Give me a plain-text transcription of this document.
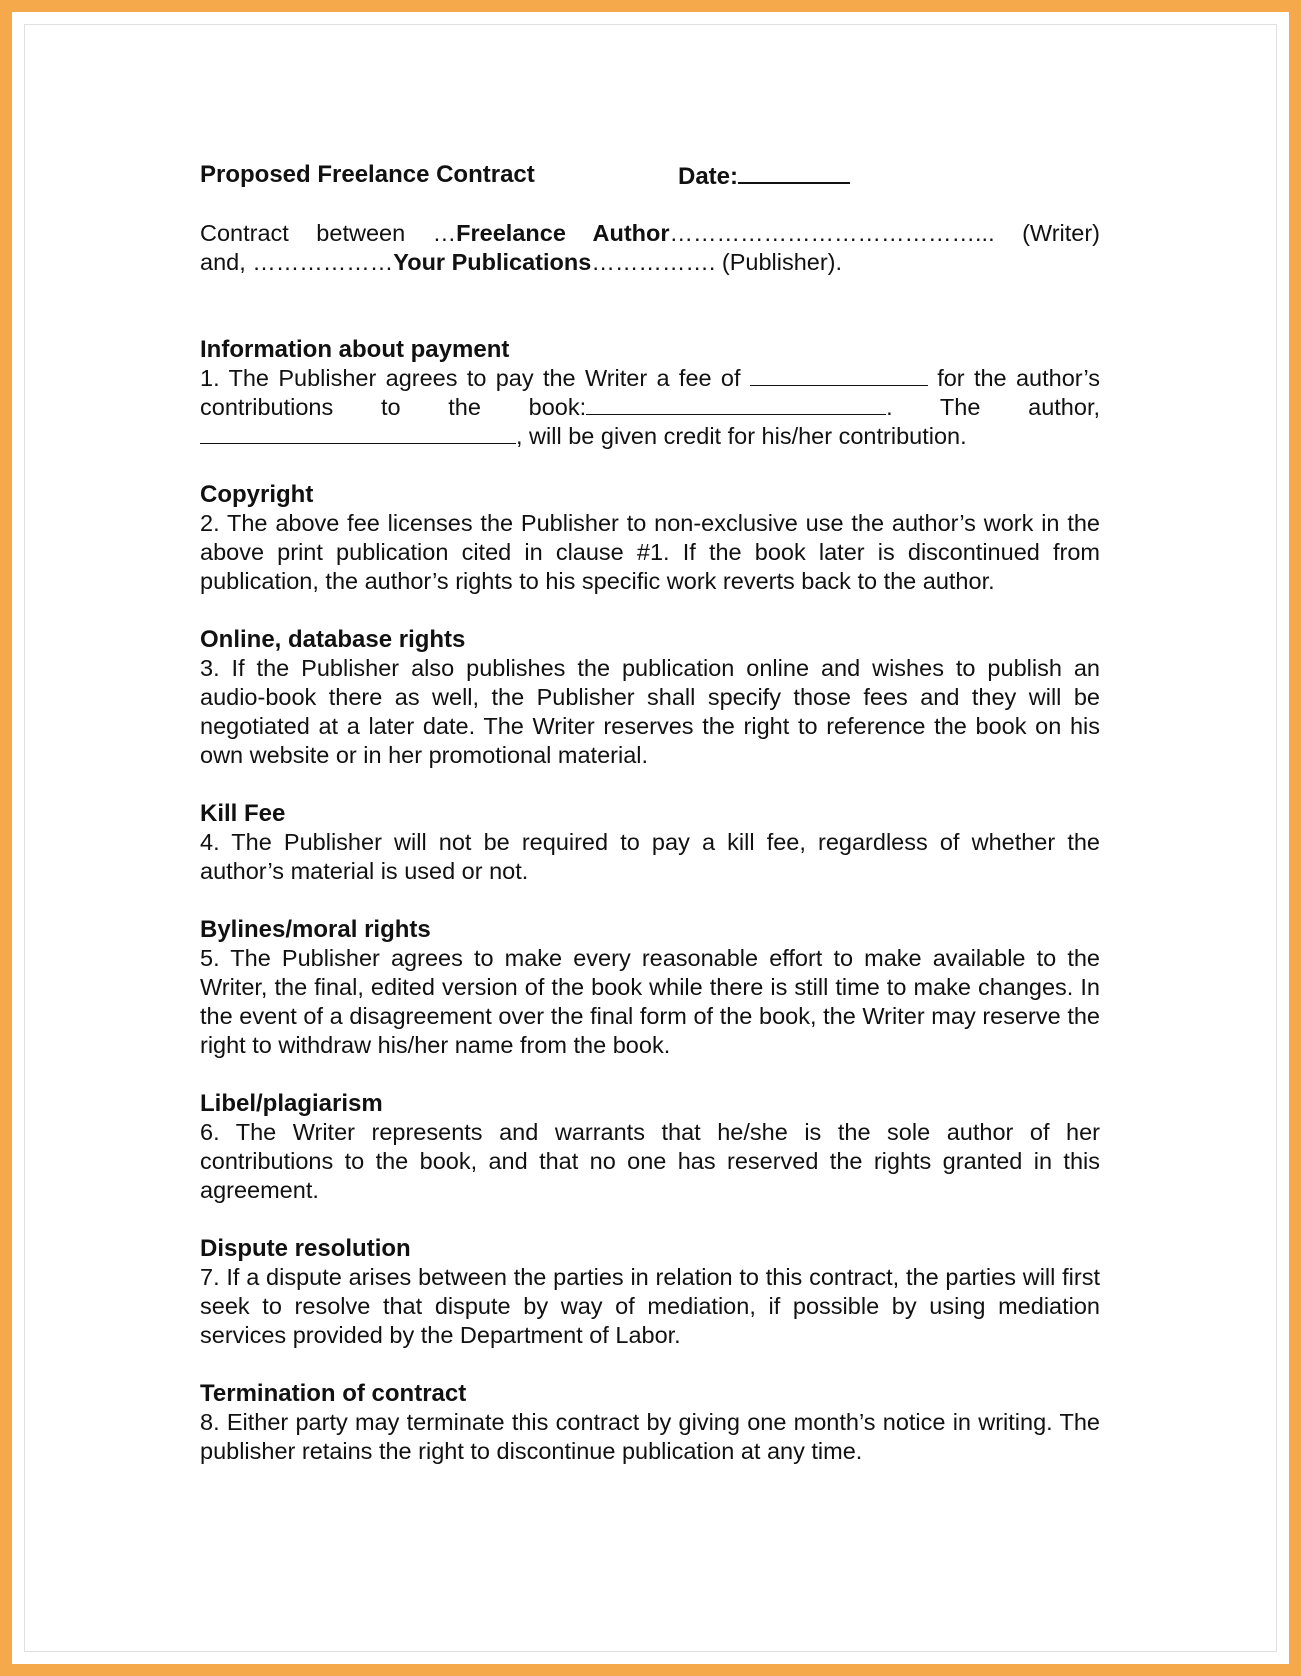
Proposed Freelance Contract	Date:

Contract between …Freelance Author…………………………………... (Writer)

and, ………………Your Publications……………. (Publisher).

Information about payment

1. The Publisher agrees to pay the Writer a fee of	for the author’s contributions to the book:	. The author, , will be given credit for his/her contribution.

Copyright

2. The above fee licenses the Publisher to non-exclusive use the author’s work in the above print publication cited in clause #1. If the book later is discontinued from publication, the author’s rights to his specific work reverts back to the author.

Online, database rights

3. If the Publisher also publishes the publication online and wishes to publish an audio-book there as well, the Publisher shall specify those fees and they will be negotiated at a later date. The Writer reserves the right to reference the book on his own website or in her promotional material.

Kill Fee

4. The Publisher will not be required to pay a kill fee, regardless of whether the author’s material is used or not.

Bylines/moral rights

5. The Publisher agrees to make every reasonable effort to make available to the Writer, the final, edited version of the book while there is still time to make changes. In the event of a disagreement over the final form of the book, the Writer may reserve the right to withdraw his/her name from the book.

Libel/plagiarism

6. The Writer represents and warrants that he/she is the sole author of her contributions to the book, and that no one has reserved the rights granted in this agreement.

Dispute resolution

7. If a dispute arises between the parties in relation to this contract, the parties will first seek to resolve that dispute by way of mediation, if possible by using mediation services provided by the Department of Labor.

Termination of contract

8. Either party may terminate this contract by giving one month’s notice in writing. The publisher retains the right to discontinue publication at any time.
